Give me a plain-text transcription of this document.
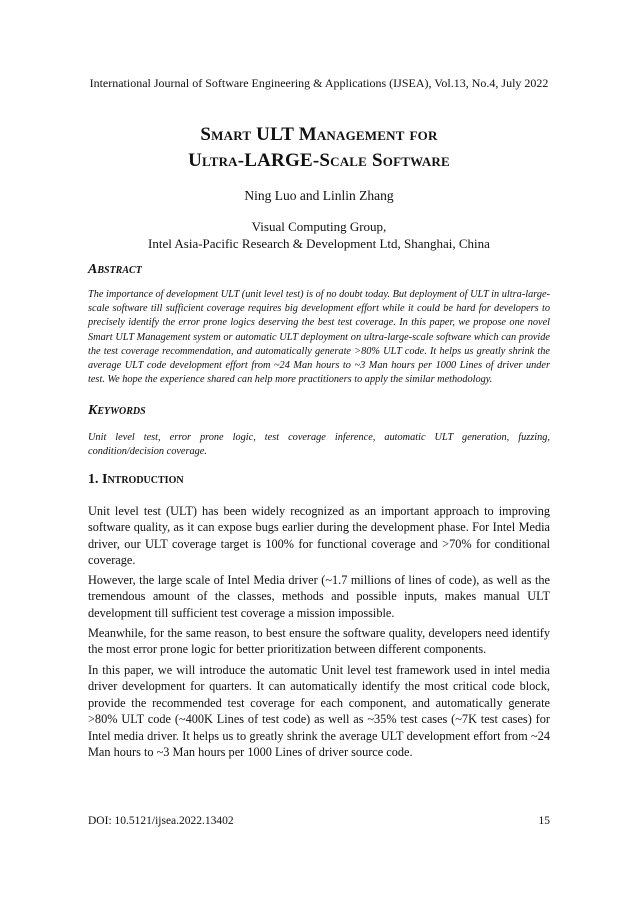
International Journal of Software Engineering & Applications (IJSEA), Vol.13, No.4, July 2022
Smart ULT Management for
Ultra-LARGE-Scale Software
Ning Luo and Linlin Zhang
Visual Computing Group,
Intel Asia-Pacific Research & Development Ltd, Shanghai, China
Abstract
The importance of development ULT (unit level test) is of no doubt today. But deployment of ULT in ultra-large-scale software till sufficient coverage requires big development effort while it could be hard for developers to precisely identify the error prone logics deserving the best test coverage. In this paper, we propose one novel Smart ULT Management system or automatic ULT deployment on ultra-large-scale software which can provide the test coverage recommendation, and automatically generate >80% ULT code. It helps us greatly shrink the average ULT code development effort from ~24 Man hours to ~3 Man hours per 1000 Lines of driver under test. We hope the experience shared can help more practitioners to apply the similar methodology.
Keywords
Unit level test, error prone logic, test coverage inference, automatic ULT generation, fuzzing, condition/decision coverage.
1. Introduction
Unit level test (ULT) has been widely recognized as an important approach to improving software quality, as it can expose bugs earlier during the development phase. For Intel Media driver, our ULT coverage target is 100% for functional coverage and >70% for conditional coverage.
However, the large scale of Intel Media driver (~1.7 millions of lines of code), as well as the tremendous amount of the classes, methods and possible inputs, makes manual ULT development till sufficient test coverage a mission impossible.
Meanwhile, for the same reason, to best ensure the software quality, developers need identify the most error prone logic for better prioritization between different components.
In this paper, we will introduce the automatic Unit level test framework used in intel media driver development for quarters. It can automatically identify the most critical code block, provide the recommended test coverage for each component, and automatically generate >80% ULT code (~400K Lines of test code) as well as ~35% test cases (~7K test cases) for Intel media driver. It helps us to greatly shrink the average ULT development effort from ~24 Man hours to ~3 Man hours per 1000 Lines of driver source code.
DOI: 10.5121/ijsea.2022.13402	15
